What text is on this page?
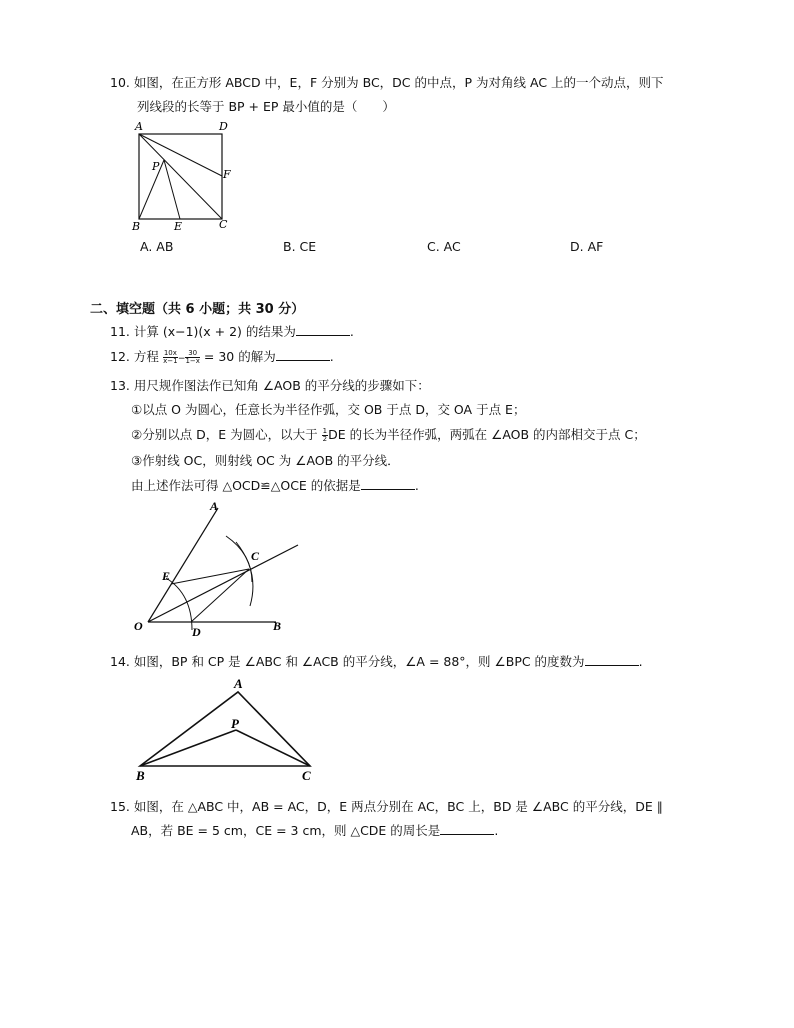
10. 如图，在正方形 ABCD 中，E，F 分别为 BC，DC 的中点，P 为对角线 AC 上的一个动点，则下
列线段的长等于 BP + EP 最小值的是（　　）
A	D
F
P
B	E	C
A. AB	B. CE	C. AC	D. AF
二、填空题（共 6 小题；共 30 分）
11. 计算 (x−1)(x + 2) 的结果为	.
12. 方程 $\frac{10x}{x-1} - \frac{30}{1-x} = 30$ 的解为	.
13. 用尺规作图法作已知角 ∠AOB 的平分线的步骤如下：
①以点 O 为圆心，任意长为半径作弧，交 OB 于点 D，交 OA 于点 E；
②分别以点 D，E 为圆心，以大于 $\frac{1}{2}$ DE 的长为半径作弧，两弧在 ∠AOB 的内部相交于点 C；
③作射线 OC，则射线 OC 为 ∠AOB 的平分线．
由上述作法可得 △OCD≌△OCE 的依据是	.
A
C
E
O	D	B
14. 如图，BP 和 CP 是 ∠ABC 和 ∠ACB 的平分线，∠A = 88°，则 ∠BPC 的度数为	.
A
P
B	C
15. 如图，在 △ABC 中，AB = AC，D，E 两点分别在 AC，BC 上，BD 是 ∠ABC 的平分线，DE ∥
AB，若 BE = 5 cm，CE = 3 cm，则 △CDE 的周长是	.
